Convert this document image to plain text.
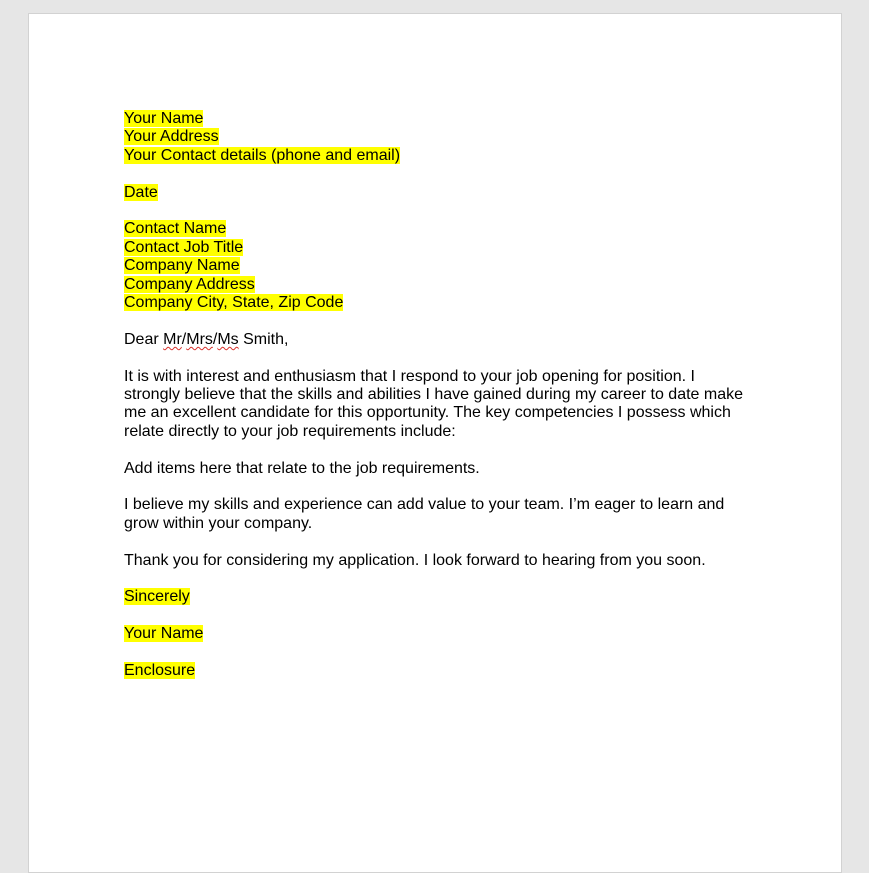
Your Name
Your Address
Your Contact details (phone and email)
Date
Contact Name
Contact Job Title
Company Name
Company Address
Company City, State, Zip Code
Dear Mr/Mrs/Ms Smith,
It is with interest and enthusiasm that I respond to your job opening for position. I
strongly believe that the skills and abilities I have gained during my career to date make
me an excellent candidate for this opportunity. The key competencies I possess which
relate directly to your job requirements include:
Add items here that relate to the job requirements.
I believe my skills and experience can add value to your team. I’m eager to learn and
grow within your company.
Thank you for considering my application. I look forward to hearing from you soon.
Sincerely
Your Name
Enclosure
